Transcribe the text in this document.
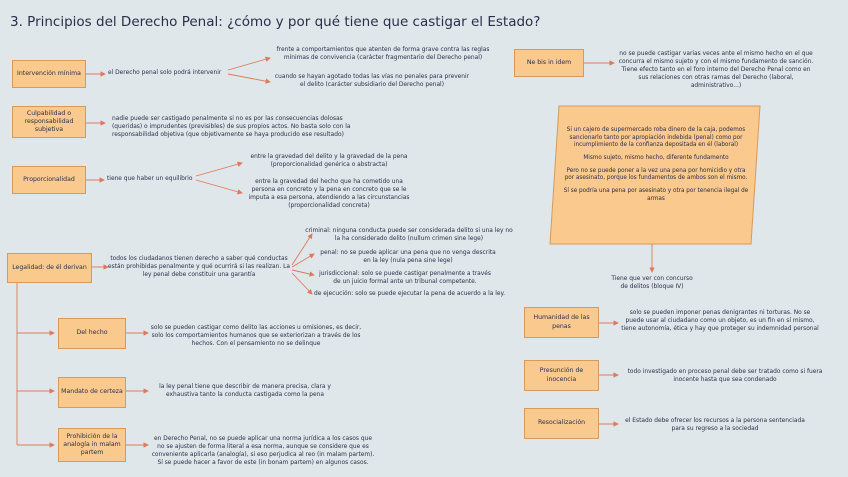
3. Principios del Derecho Penal: ¿cómo y por qué tiene que castigar el Estado?
Intervención mínima	el Derecho penal solo podrá intervenir
frente a comportamientos que atenten de forma grave contra las reglas mínimas de convivencia (carácter fragmentario del Derecho penal)
cuando se hayan agotado todas las vías no penales para prevenir el delito (carácter subsidiario del Derecho penal)
Culpabilidad o responsabilidad subjetiva
nadie puede ser castigado penalmente si no es por las consecuencias dolosas (queridas) o imprudentes (previsibles) de sus propios actos. No basta solo con la responsabilidad objetiva (que objetivamente se haya producido ese resultado)
Proporcionalidad	tiene que haber un equilibrio
entre la gravedad del delito y la gravedad de la pena (proporcionalidad genérica o abstracta)
entre la gravedad del hecho que ha cometido una persona en concreto y la pena en concreto que se le imputa a esa persona, atendiendo a las circunstancias (proporcionalidad concreta)
Legalidad: de él derivan
todos los ciudadanos tienen derecho a saber qué conductas están prohibidas penalmente y qué ocurrirá si las realizan. La ley penal debe constituir una garantía
criminal: ninguna conducta puede ser considerada delito si una ley no la ha considerado delito (nullum crimen sine lege)
penal: no se puede aplicar una pena que no venga descrita en la ley (nula pena sine lege)
jurisdiccional: solo se puede castigar penalmente a través de un juicio formal ante un tribunal competente.
de ejecución: solo se puede ejecutar la pena de acuerdo a la ley.
Del hecho
solo se pueden castigar como delito las acciones u omisiones, es decir, solo los comportamientos humanos que se exteriorizan a través de los hechos. Con el pensamiento no se delinque
Mandato de certeza
la ley penal tiene que describir de manera precisa, clara y exhaustiva tanto la conducta castigada como la pena
Prohibición de la analogía in malam partem
en Derecho Penal, no se puede aplicar una norma jurídica a los casos que no se ajusten de forma literal a esa norma, aunque se considere que es conveniente aplicarla (analogía), si eso perjudica al reo (in malam partem). Sí se puede hacer a favor de este (in bonam partem) en algunos casos.
Ne bis in idem
no se puede castigar varias veces ante el mismo hecho en el que concurra el mismo sujeto y con el mismo fundamento de sanción. Tiene efecto tanto en el foro interno del Derecho Penal como en sus relaciones con otras ramas del Derecho (laboral, administrativo...)

Si un cajero de supermercado roba dinero de la caja, podemos sancionarlo tanto por apropiación indebida (penal) como por incumplimiento de la confianza depositada en él (laboral)

Mismo sujeto, mismo hecho, diferente fundamento

Pero no se puede poner a la vez una pena por homicidio y otra por asesinato, porque los fundamentos de ambos son el mismo.

Sí se podría una pena por asesinato y otra por tenencia ilegal de armas

Tiene que ver con concurso de delitos (bloque IV)
Humanidad de las penas
solo se pueden imponer penas denigrantes ni torturas. No se puede usar al ciudadano como un objeto, es un fin en sí mismo, tiene autonomía, ética y hay que proteger su indemnidad personal
Presunción de inocencia
todo investigado en proceso penal debe ser tratado como si fuera inocente hasta que sea condenado
Resocialización	el Estado debe ofrecer los recursos a la persona sentenciada para su regreso a la sociedad
